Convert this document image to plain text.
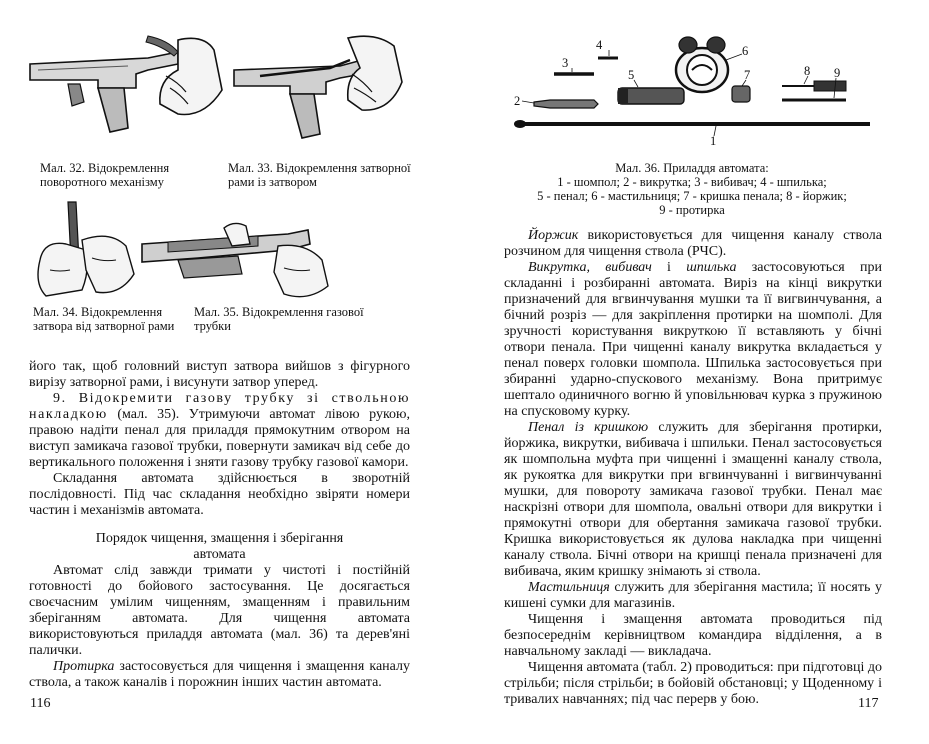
Мал. 32. Відокремлення поворотного механізму
Мал. 33. Відокремлення затворної рами із затвором
Мал. 34. Відокремлення затвора від затворної рами
Мал. 35. Відокремлення газової трубки

його так, щоб головний виступ затвора вийшов з фігурного вирізу затворної рами, і висунути затвор уперед.

9. Відокремити газову трубку зі ствольною накладкою (мал. 35). Утримуючи автомат лівою рукою, правою надіти пенал для приладдя прямокутним отвором на виступ замикача газової трубки, повернути замикач від себе до вертикального положення і зняти газову трубку газової камори.

Складання автомата здійснюється в зворотній послідовності. Під час складання необхідно звіряти номери частин і механізмів автомата.

Порядок чищення, змащення і зберігання автомата

Автомат слід завжди тримати у чистоті і постійній готовності до бойового застосування. Це досягається своєчасним умілим чищенням, змащенням і правильним зберіганням автомата. Для чищення автомата використовуються приладдя автомата (мал. 36) та дерев'яні палички.

Протирка застосовується для чищення і змащення каналу ствола, а також каналів і порожнин інших частин автомата.

116
4
3
2
5
6
7	8 9
1
Мал. 36. Приладдя автомата:
1 - шомпол; 2 - викрутка; 3 - вибивач; 4 - шпилька;
5 - пенал; 6 - мастильниця; 7 - кришка пенала; 8 - йоржик;
9 - протирка

Йоржик використовується для чищення каналу ствола розчином для чищення ствола (РЧС).

Викрутка, вибивач і шпилька застосовуються при складанні і розбиранні автомата. Виріз на кінці викрутки призначений для вгвинчування мушки та її вигвинчування, а бічний розріз — для закріплення протирки на шомполі. Для зручності користування викруткою її вставляють у бічні отвори пенала. При чищенні каналу викрутка вкладається у пенал поверх головки шомпола. Шпилька застосовується при збиранні ударно-спускового механізму. Вона притримує шептало одиничного вогню й уповільнювач курка з пружиною на спусковому курку.

Пенал із кришкою служить для зберігання протирки, йоржика, викрутки, вибивача і шпильки. Пенал застосовується як шомпольна муфта при чищенні і змащенні каналу ствола, як рукоятка для викрутки при вгвинчуванні і вигвинчуванні мушки, для повороту замикача газової трубки. Пенал має наскрізні отвори для шомпола, овальні отвори для викрутки і прямокутні отвори для обертання замикача газової трубки. Кришка використовується як дулова накладка при чищенні каналу ствола. Бічні отвори на кришці пенала призначені для вибивача, яким кришку знімають зі ствола.

Мастильниця служить для зберігання мастила; її носять у кишені сумки для магазинів.

Чищення і змащення автомата проводиться під безпосереднім керівництвом командира відділення, а в навчальному закладі — викладача.

Чищення автомата (табл. 2) проводиться: при підготовці до стрільби; після стрільби; в бойовій обстановці; у Щоденному і тривалих навчаннях; під час перерв у бою.	117
